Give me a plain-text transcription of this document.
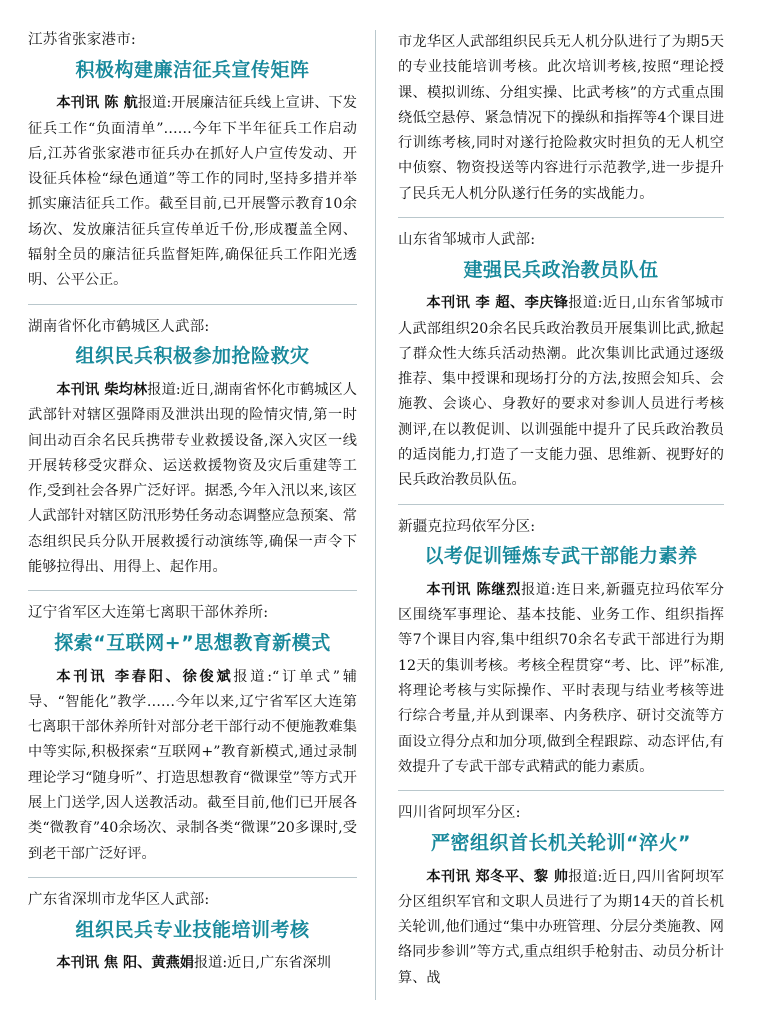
江苏省张家港市:
积极构建廉洁征兵宣传矩阵
本刊讯 陈 航报道:开展廉洁征兵线上宣讲、下发征兵工作“负面清单”……今年下半年征兵工作启动后,江苏省张家港市征兵办在抓好人户宣传发动、开设征兵体检“绿色通道”等工作的同时,坚持多措并举抓实廉洁征兵工作。截至目前,已开展警示教育10余场次、发放廉洁征兵宣传单近千份,形成覆盖全网、辐射全员的廉洁征兵监督矩阵,确保征兵工作阳光透明、公平公正。
湖南省怀化市鹤城区人武部:
组织民兵积极参加抢险救灾
本刊讯 柴均林报道:近日,湖南省怀化市鹤城区人武部针对辖区强降雨及泄洪出现的险情灾情,第一时间出动百余名民兵携带专业救援设备,深入灾区一线开展转移受灾群众、运送救援物资及灾后重建等工作,受到社会各界广泛好评。据悉,今年入汛以来,该区人武部针对辖区防汛形势任务动态调整应急预案、常态组织民兵分队开展救援行动演练等,确保一声令下能够拉得出、用得上、起作用。
辽宁省军区大连第七离职干部休养所:
探索“互联网+”思想教育新模式
本刊讯 李春阳、徐俊斌报道:“订单式”辅导、“智能化”教学……今年以来,辽宁省军区大连第七离职干部休养所针对部分老干部行动不便施教难集中等实际,积极探索“互联网+”教育新模式,通过录制理论学习“随身听”、打造思想教育“微课堂”等方式开展上门送学,因人送教活动。截至目前,他们已开展各类“微教育”40余场次、录制各类“微课”20多课时,受到老干部广泛好评。
广东省深圳市龙华区人武部:
组织民兵专业技能培训考核
本刊讯 焦 阳、黄燕娟报道:近日,广东省深圳
市龙华区人武部组织民兵无人机分队进行了为期5天的专业技能培训考核。此次培训考核,按照“理论授课、模拟训练、分组实操、比武考核”的方式重点围绕低空悬停、紧急情况下的操纵和指挥等4个课目进行训练考核,同时对遂行抢险救灾时担负的无人机空中侦察、物资投送等内容进行示范教学,进一步提升了民兵无人机分队遂行任务的实战能力。
山东省邹城市人武部:
建强民兵政治教员队伍
本刊讯 李 超、李庆锋报道:近日,山东省邹城市人武部组织20余名民兵政治教员开展集训比武,掀起了群众性大练兵活动热潮。此次集训比武通过逐级推荐、集中授课和现场打分的方法,按照会知兵、会施教、会谈心、身教好的要求对参训人员进行考核测评,在以教促训、以训强能中提升了民兵政治教员的适岗能力,打造了一支能力强、思维新、视野好的民兵政治教员队伍。
新疆克拉玛依军分区:
以考促训锤炼专武干部能力素养
本刊讯 陈继烈报道:连日来,新疆克拉玛依军分区围绕军事理论、基本技能、业务工作、组织指挥等7个课目内容,集中组织70余名专武干部进行为期12天的集训考核。考核全程贯穿“考、比、评”标准,将理论考核与实际操作、平时表现与结业考核等进行综合考量,并从到课率、内务秩序、研讨交流等方面设立得分点和加分项,做到全程跟踪、动态评估,有效提升了专武干部专武精武的能力素质。
四川省阿坝军分区:
严密组织首长机关轮训“淬火”
本刊讯 郑冬平、黎 帅报道:近日,四川省阿坝军分区组织军官和文职人员进行了为期14天的首长机关轮训,他们通过“集中办班管理、分层分类施教、网络同步参训”等方式,重点组织手枪射击、动员分析计算、战
